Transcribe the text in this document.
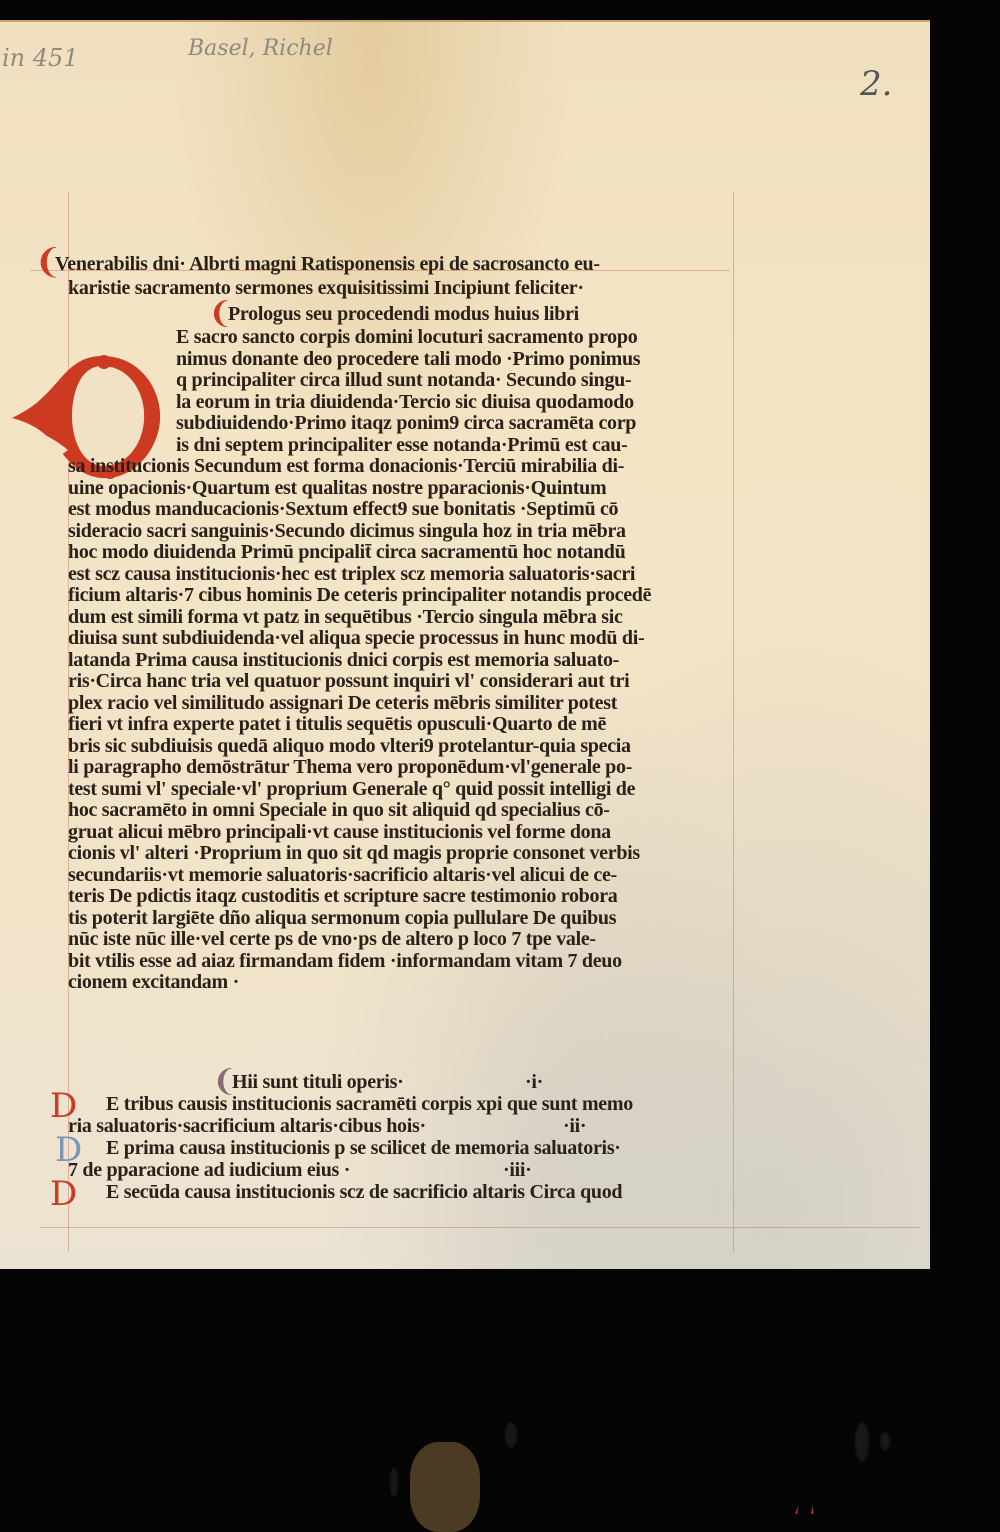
in 451	Basel, Richel
2.
❨
Venerabilis dni· Albrti magni Ratisponensis epi de sacrosancto eu-
karistie sacramento sermones exquisitissimi Incipiunt feliciter·
❨
Prologus seu procedendi modus huius libri
E sacro sancto corpis domini locuturi sacramento propo
nimus donante deo procedere tali modo ·Primo ponimus
q principaliter circa illud sunt notanda· Secundo singu-
la eorum in tria diuidenda·Tercio sic diuisa quodamodo
subdiuidendo·Primo itaqz ponim9 circa sacramēta corp
is dni septem principaliter esse notanda·Primū est cau-
sa institucionis Secundum est forma donacionis·Terciū mirabilia di-
uine opacionis·Quartum est qualitas nostre pparacionis·Quintum
est modus manducacionis·Sextum effect9 sue bonitatis ·Septimū cō
sideracio sacri sanguinis·Secundo dicimus singula hoz in tria mēbra
hoc modo diuidenda Primū pncipalit̄ circa sacramentū hoc notandū
est scz causa institucionis·hec est triplex scz memoria saluatoris·sacri
ficium altaris·7 cibus hominis De ceteris principaliter notandis procedē
dum est simili forma vt patz in sequētibus ·Tercio singula mēbra sic
diuisa sunt subdiuidenda·vel aliqua specie processus in hunc modū di-
latanda Prima causa institucionis dnici corpis est memoria saluato-
ris·Circa hanc tria vel quatuor possunt inquiri vl' considerari aut tri
plex racio vel similitudo assignari De ceteris mēbris similiter potest
fieri vt infra experte patet i titulis sequētis opusculi·Quarto de mē
bris sic subdiuisis quedā aliquo modo vlteri9 protelantur-quia specia
li paragrapho demōstrātur Thema vero proponēdum·vl'generale po-
test sumi vl' speciale·vl' proprium Generale q° quid possit intelligi de
hoc sacramēto in omni Speciale in quo sit aliquid qd specialius cō-
gruat alicui mēbro principali·vt cause institucionis vel forme dona
cionis vl' alteri ·Proprium in quo sit qd magis proprie consonet verbis
secundariis·vt memorie saluatoris·sacrificio altaris·vel alicui de ce-
teris De pdictis itaqz custoditis et scripture sacre testimonio robora
tis poterit largiēte dño aliqua sermonum copia pullulare De quibus
nūc iste nūc ille·vel certe ps de vno·ps de altero p loco 7 tpe vale-
bit vtilis esse ad aiaz firmandam fidem ·informandam vitam 7 deuo
cionem excitandam ·
❨
Hii sunt tituli operis·	·i·
D E tribus causis institucionis sacramēti corpis xpi que sunt memo
ria saluatoris·sacrificium altaris·cibus hois·	·ii·
D E prima causa institucionis p se scilicet de memoria saluatoris·
7 de pparacione ad iudicium eius ·	·iii·
D E secūda causa institucionis scz de sacrificio altaris Circa quod
